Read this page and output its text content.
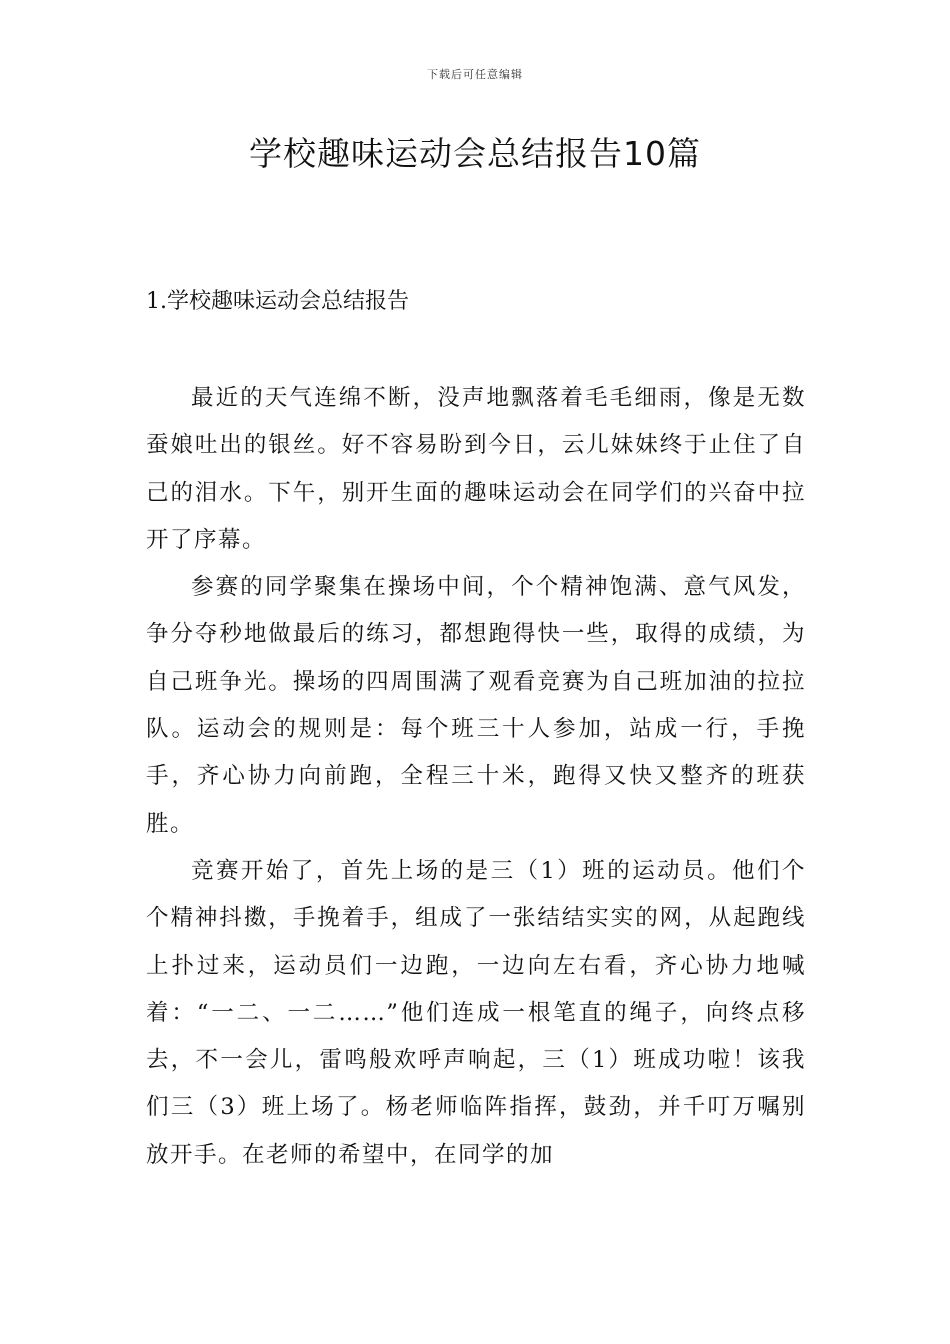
下载后可任意编辑
学校趣味运动会总结报告10篇
1.学校趣味运动会总结报告

最近的天气连绵不断，没声地飘落着毛毛细雨，像是无数蚕娘吐出的银丝。好不容易盼到今日，云儿妹妹终于止住了自己的泪水。下午，别开生面的趣味运动会在同学们的兴奋中拉开了序幕。

参赛的同学聚集在操场中间，个个精神饱满、意气风发，争分夺秒地做最后的练习，都想跑得快一些，取得的成绩，为自己班争光。操场的四周围满了观看竞赛为自己班加油的拉拉队。运动会的规则是：每个班三十人参加，站成一行，手挽手，齐心协力向前跑，全程三十米，跑得又快又整齐的班获胜。

竞赛开始了，首先上场的是三（1）班的运动员。他们个个精神抖擞，手挽着手，组成了一张结结实实的网，从起跑线上扑过来，运动员们一边跑，一边向左右看，齐心协力地喊着：“一二、一二……”他们连成一根笔直的绳子，向终点移去，不一会儿，雷鸣般欢呼声响起，三（1）班成功啦！该我们三（3）班上场了。杨老师临阵指挥，鼓劲，并千叮万嘱别放开手。在老师的希望中，在同学的加
